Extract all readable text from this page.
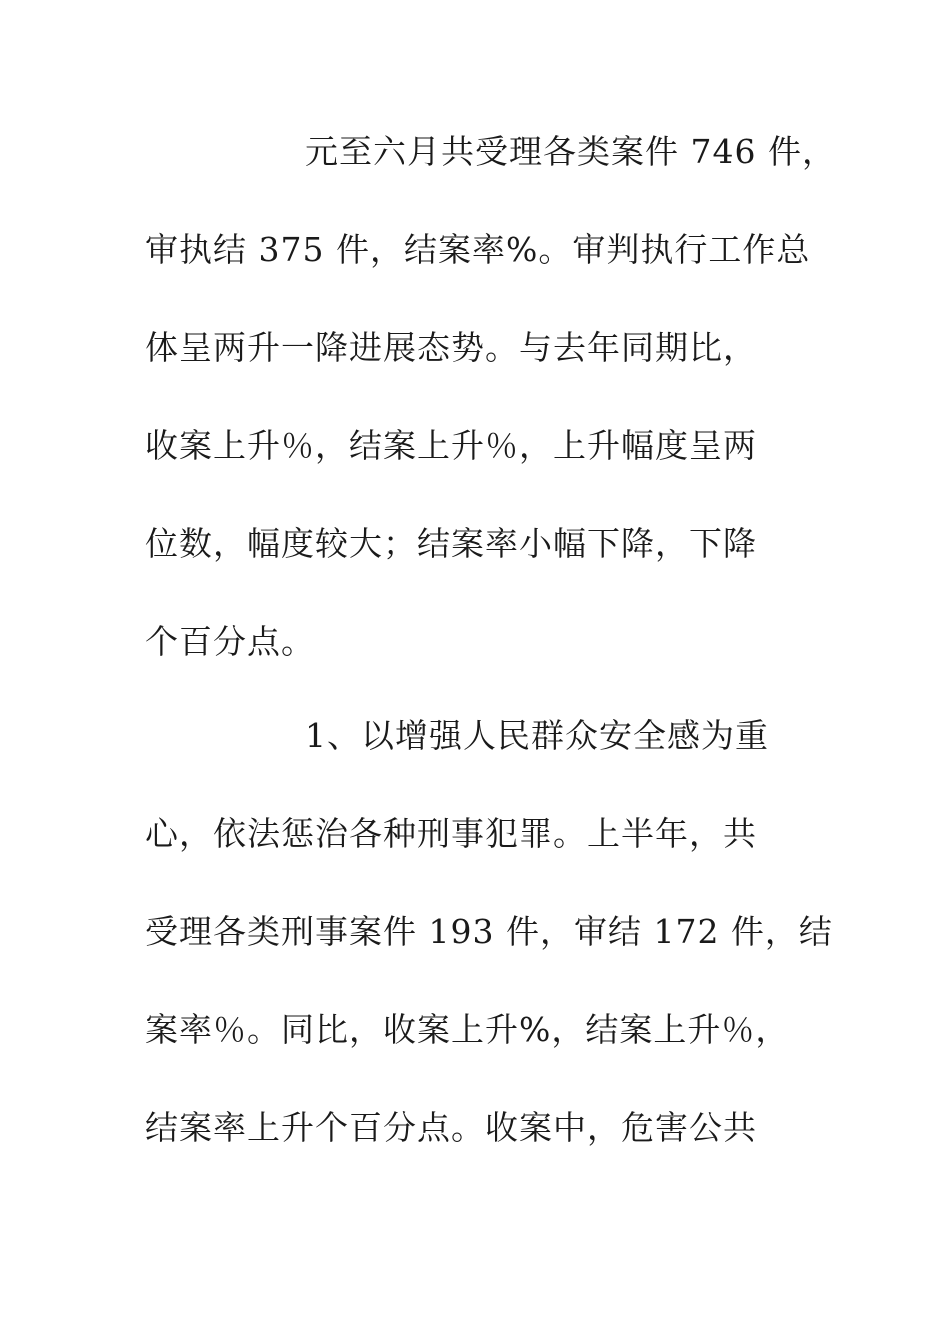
元至六月共受理各类案件 746 件，
审执结 375 件，结案率%。审判执行工作总
体呈两升一降进展态势。与去年同期比，
收案上升％，结案上升％，上升幅度呈两
位数，幅度较大；结案率小幅下降，下降
个百分点。
1、以增强人民群众安全感为重
心，依法惩治各种刑事犯罪。上半年，共
受理各类刑事案件 193 件，审结 172 件，结
案率％。同比，收案上升%，结案上升％，
结案率上升个百分点。收案中，危害公共
